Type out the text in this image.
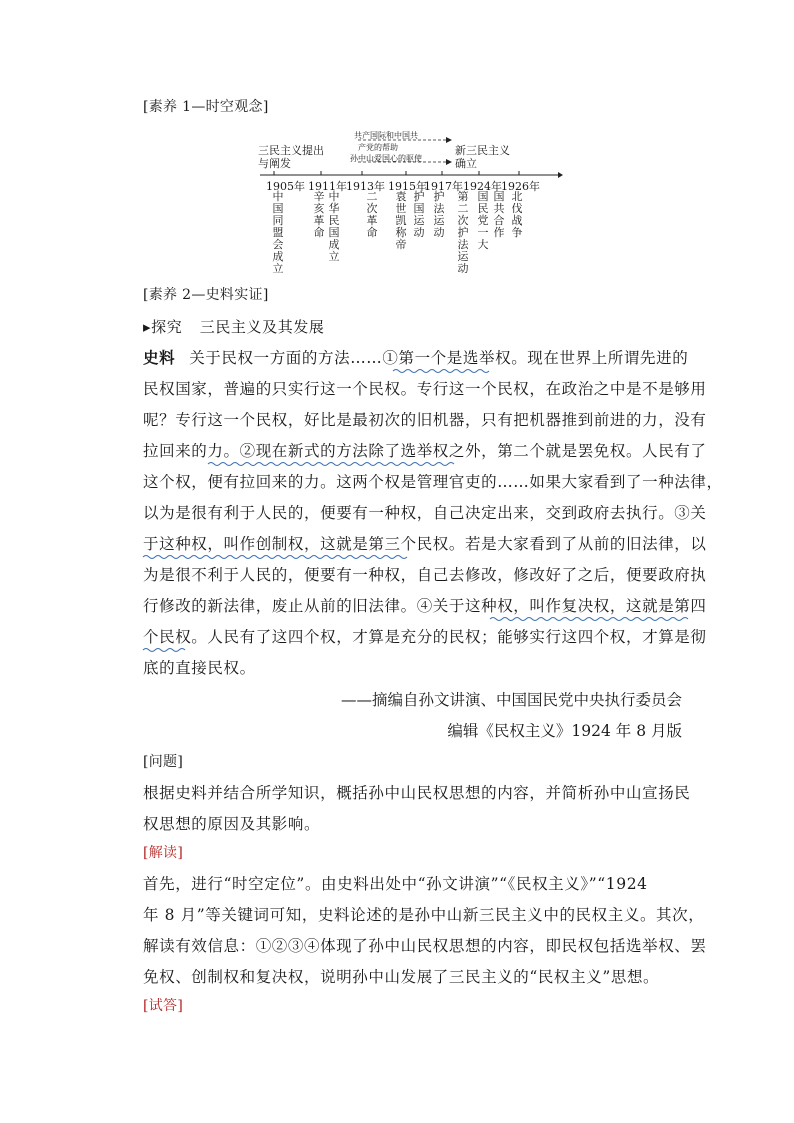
[素养 1—时空观念]
三民主义提出
与阐发
共产国际和中国共
产党的帮助
孙中山爱国心的驱使
新三民主义
确立
1905年 1911年 1913年 1915年
1917年 1924年 1926年
中国同盟会成立
辛亥革命
中华民国成立
二次革命
袁世凯称帝
护国运动
护法运动
第二次护法运动
国民党一大
国共合作
北伐战争
[素养 2—史料实证]
▸探究 三民主义及其发展
史料 关于民权一方面的方法……①第一个是选举权。现在世界上所谓先进的
民权国家，普遍的只实行这一个民权。专行这一个民权，在政治之中是不是够用
呢？专行这一个民权，好比是最初次的旧机器，只有把机器推到前进的力，没有
拉回来的力。②现在新式的方法除了选举权之外，第二个就是罢免权。人民有了
这个权，便有拉回来的力。这两个权是管理官吏的……如果大家看到了一种法律，
以为是很有利于人民的，便要有一种权，自己决定出来，交到政府去执行。③关
于这种权，叫作创制权，这就是第三个民权。若是大家看到了从前的旧法律，以
为是很不利于人民的，便要有一种权，自己去修改，修改好了之后，便要政府执
行修改的新法律，废止从前的旧法律。④关于这种权，叫作复决权，这就是第四
个民权。人民有了这四个权，才算是充分的民权；能够实行这四个权，才算是彻
底的直接民权。
——摘编自孙文讲演、中国国民党中央执行委员会
编辑《民权主义》1924 年 8 月版
[问题]
根据史料并结合所学知识，概括孙中山民权思想的内容，并简析孙中山宣扬民
权思想的原因及其影响。
[解读]
首先，进行“时空定位”。由史料出处中“孙文讲演”“《民权主义》”“1924
年 8 月”等关键词可知，史料论述的是孙中山新三民主义中的民权主义。其次，
解读有效信息：①②③④体现了孙中山民权思想的内容，即民权包括选举权、罢
免权、创制权和复决权，说明孙中山发展了三民主义的“民权主义”思想。
[试答]
